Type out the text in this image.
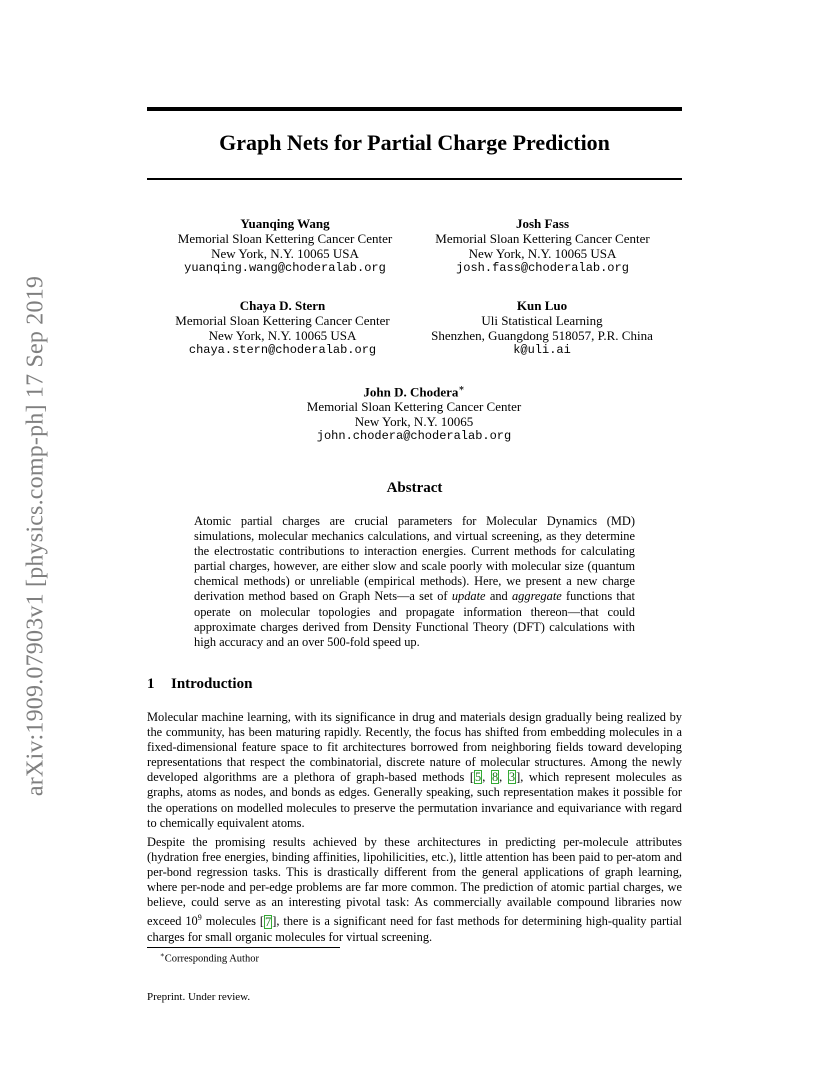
arXiv:1909.07903v1 [physics.comp-ph] 17 Sep 2019
Graph Nets for Partial Charge Prediction
Yuanqing Wang
Memorial Sloan Kettering Cancer Center
New York, N.Y. 10065 USA
yuanqing.wang@choderalab.org
Josh Fass
Memorial Sloan Kettering Cancer Center
New York, N.Y. 10065 USA
josh.fass@choderalab.org
Chaya D. Stern
Memorial Sloan Kettering Cancer Center
New York, N.Y. 10065 USA
chaya.stern@choderalab.org
Kun Luo
Uli Statistical Learning
Shenzhen, Guangdong 518057, P.R. China
k@uli.ai
John D. Chodera∗
Memorial Sloan Kettering Cancer Center
New York, N.Y. 10065
john.chodera@choderalab.org
Abstract
Atomic partial charges are crucial parameters for Molecular Dynamics (MD) simulations, molecular mechanics calculations, and virtual screening, as they determine the electrostatic contributions to interaction energies. Current methods for calculating partial charges, however, are either slow and scale poorly with molecular size (quantum chemical methods) or unreliable (empirical methods). Here, we present a new charge derivation method based on Graph Nets—a set of update and aggregate functions that operate on molecular topologies and propagate information thereon—that could approximate charges derived from Density Functional Theory (DFT) calculations with high accuracy and an over 500-fold speed up.
1 Introduction
Molecular machine learning, with its significance in drug and materials design gradually being realized by the community, has been maturing rapidly. Recently, the focus has shifted from embedding molecules in a fixed-dimensional feature space to fit architectures borrowed from neighboring fields toward developing representations that respect the combinatorial, discrete nature of molecular structures. Among the newly developed algorithms are a plethora of graph-based methods [5, 8, 3], which represent molecules as graphs, atoms as nodes, and bonds as edges. Generally speaking, such representation makes it possible for the operations on modelled molecules to preserve the permutation invariance and equivariance with regard to chemically equivalent atoms.
Despite the promising results achieved by these architectures in predicting per-molecule attributes (hydration free energies, binding affinities, lipohilicities, etc.), little attention has been paid to per-atom and per-bond regression tasks. This is drastically different from the general applications of graph learning, where per-node and per-edge problems are far more common. The prediction of atomic partial charges, we believe, could serve as an interesting pivotal task: As commercially available compound libraries now exceed $10^9$ molecules [7], there is a significant need for fast methods for determining high-quality partial charges for small organic molecules for virtual screening.
∗Corresponding Author
Preprint. Under review.
